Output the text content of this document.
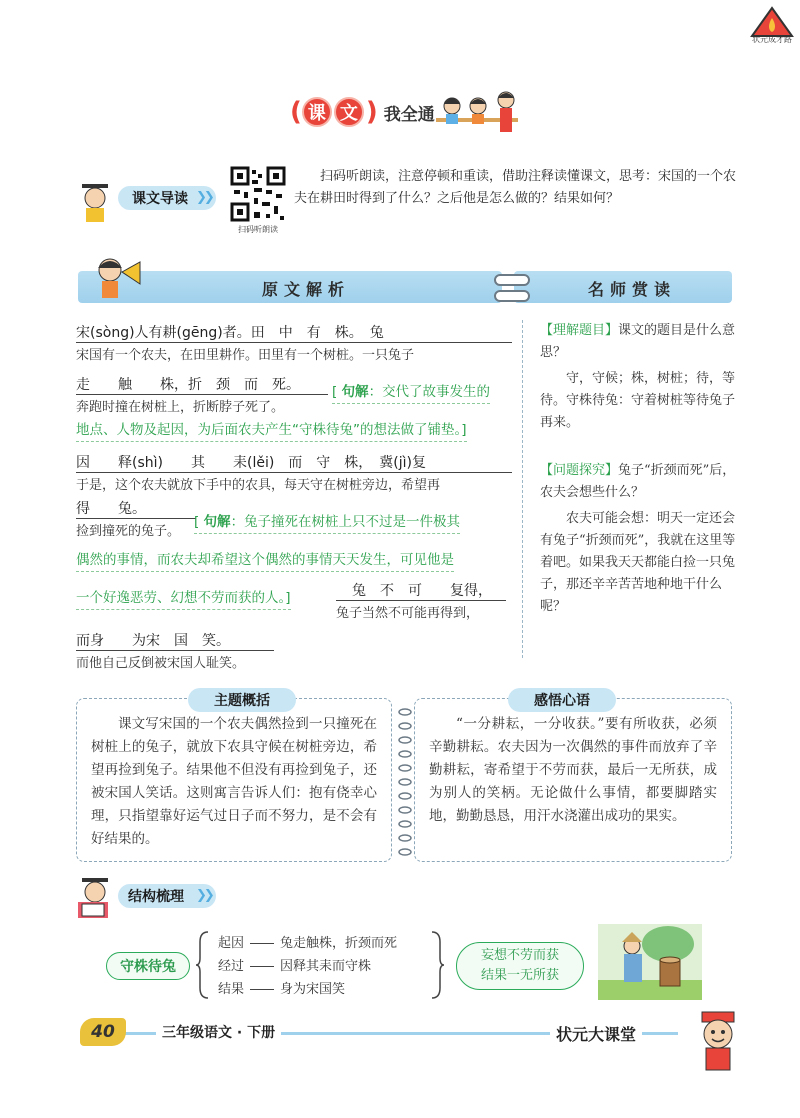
状元成才路
( 课 文 ) 我全通
课文导读 ❯❯
扫码听朗读
扫码听朗读，注意停顿和重读，借助注释读懂课文，思考：宋国的一个农夫在耕田时得到了什么？之后他是怎么做的？结果如何？
原文解析	名师赏读
宋(sòng)人有耕(gēng)者。田　中　有　株。　兔
宋国有一个农夫，在田里耕作。田里有一个树桩。一只兔子
走　　触　　株，折　颈　而　死。
奔跑时撞在树桩上，折断脖子死了。
[ 句解：交代了故事发生的
地点、人物及起因，为后面农夫产生“守株待兔”的想法做了铺垫。]
因　　释(shì)　　其　　耒(lěi)　而　守　株，　冀(jì)复
于是，这个农夫就放下手中的农具，每天守在树桩旁边，希望再
得　　兔。
捡到撞死的兔子。
[ 句解：兔子撞死在树桩上只不过是一件极其
偶然的事情，而农夫却希望这个偶然的事情天天发生，可见他是
一个好逸恶劳、幻想不劳而获的人。]	兔　不　可　　复得，
兔子当然不可能再得到，
而身　　为宋　国　笑。
而他自己反倒被宋国人耻笑。
【理解题目】课文的题目是什么意思？
守，守候；株，树桩；待，等待。守株待兔：守着树桩等待兔子再来。
【问题探究】兔子“折颈而死”后，农夫会想些什么？
农夫可能会想：明天一定还会有兔子“折颈而死”，我就在这里等着吧。如果我天天都能白捡一只兔子，那还辛辛苦苦地种地干什么呢？
课文写宋国的一个农夫偶然捡到一只撞死在树桩上的兔子，就放下农具守候在树桩旁边，希望再捡到兔子。结果他不但没有再捡到兔子，还被宋国人笑话。这则寓言告诉人们：抱有侥幸心理，只指望靠好运气过日子而不努力，是不会有好结果的。
“一分耕耘，一分收获。”要有所收获，必须辛勤耕耘。农夫因为一次偶然的事件而放弃了辛勤耕耘，寄希望于不劳而获，最后一无所获，成为别人的笑柄。无论做什么事情，都要脚踏实地，勤勤恳恳，用汗水浇灌出成功的果实。
主题概括	感悟心语
结构梳理 ❯❯
守株待兔
起因	兔走触株，折颈而死
经过	因释其耒而守株
结果	身为宋国笑
妄想不劳而获
结果一无所获
40	三年级语文 · 下册	状元大课堂
